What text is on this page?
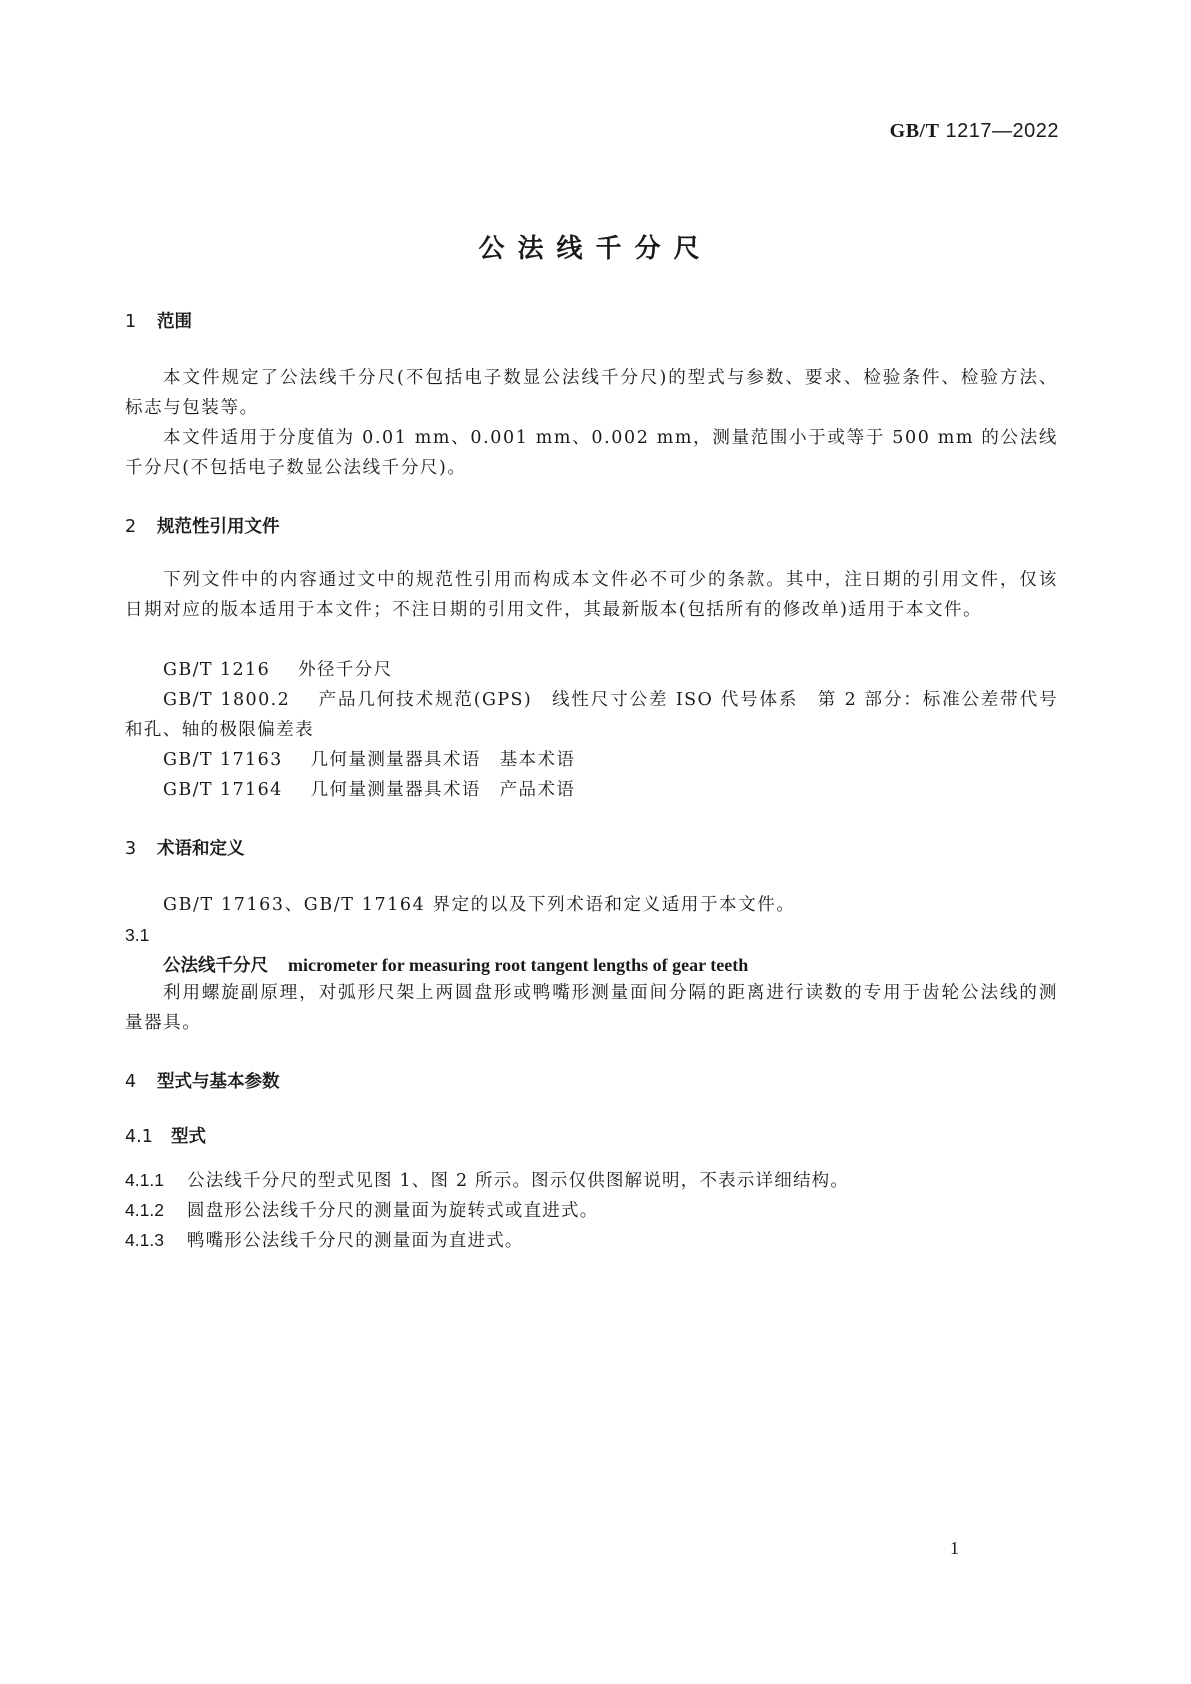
GB/T 1217—2022
公法线千分尺
1 范围
本文件规定了公法线千分尺(不包括电子数显公法线千分尺)的型式与参数、要求、检验条件、检验方法、标志与包装等。
本文件适用于分度值为 0.01 mm、0.001 mm、0.002 mm，测量范围小于或等于 500 mm 的公法线千分尺(不包括电子数显公法线千分尺)。
2 规范性引用文件
下列文件中的内容通过文中的规范性引用而构成本文件必不可少的条款。其中，注日期的引用文件，仅该日期对应的版本适用于本文件；不注日期的引用文件，其最新版本(包括所有的修改单)适用于本文件。
GB/T 1216 外径千分尺
GB/T 1800.2 产品几何技术规范(GPS)　线性尺寸公差 ISO 代号体系　第 2 部分：标准公差带代号和孔、轴的极限偏差表
GB/T 17163 几何量测量器具术语　基本术语
GB/T 17164 几何量测量器具术语　产品术语
3 术语和定义
GB/T 17163、GB/T 17164 界定的以及下列术语和定义适用于本文件。
3.1
公法线千分尺 micrometer for measuring root tangent lengths of gear teeth
利用螺旋副原理，对弧形尺架上两圆盘形或鸭嘴形测量面间分隔的距离进行读数的专用于齿轮公法线的测量器具。
4 型式与基本参数
4.1 型式
4.1.1 公法线千分尺的型式见图 1、图 2 所示。图示仅供图解说明，不表示详细结构。
4.1.2 圆盘形公法线千分尺的测量面为旋转式或直进式。
4.1.3 鸭嘴形公法线千分尺的测量面为直进式。
1
